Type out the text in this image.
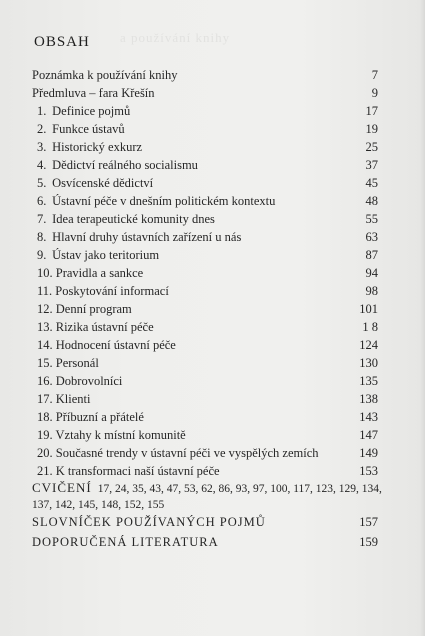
a používání knihy
OBSAH
Poznámka k používání knihy	7
Předmluva – fara Křešín	9
1. Definice pojmů	17
2. Funkce ústavů	19
3. Historický exkurz	25
4. Dědictví reálného socialismu	37
5. Osvícenské dědictví	45
6. Ústavní péče v dnešním politickém kontextu	48
7. Idea terapeutické komunity dnes	55
8. Hlavní druhy ústavních zařízení u nás	63
9. Ústav jako teritorium	87
10. Pravidla a sankce	94
11. Poskytování informací	98
12. Denní program	101
13. Rizika ústavní péče	1 8
14. Hodnocení ústavní péče	124
15. Personál	130
16. Dobrovolníci	135
17. Klienti	138
18. Příbuzní a přátelé	143
19. Vztahy k místní komunitě	147
20. Současné trendy v ústavní péči ve vyspělých zemích	149
21. K transformaci naší ústavní péče	153
CVIČENÍ 17, 24, 35, 43, 47, 53, 62, 86, 93, 97, 100, 117, 123, 129, 134, 137, 142, 145, 148, 152, 155
SLOVNÍČEK POUŽÍVANÝCH POJMŮ	157
DOPORUČENÁ LITERATURA	159
